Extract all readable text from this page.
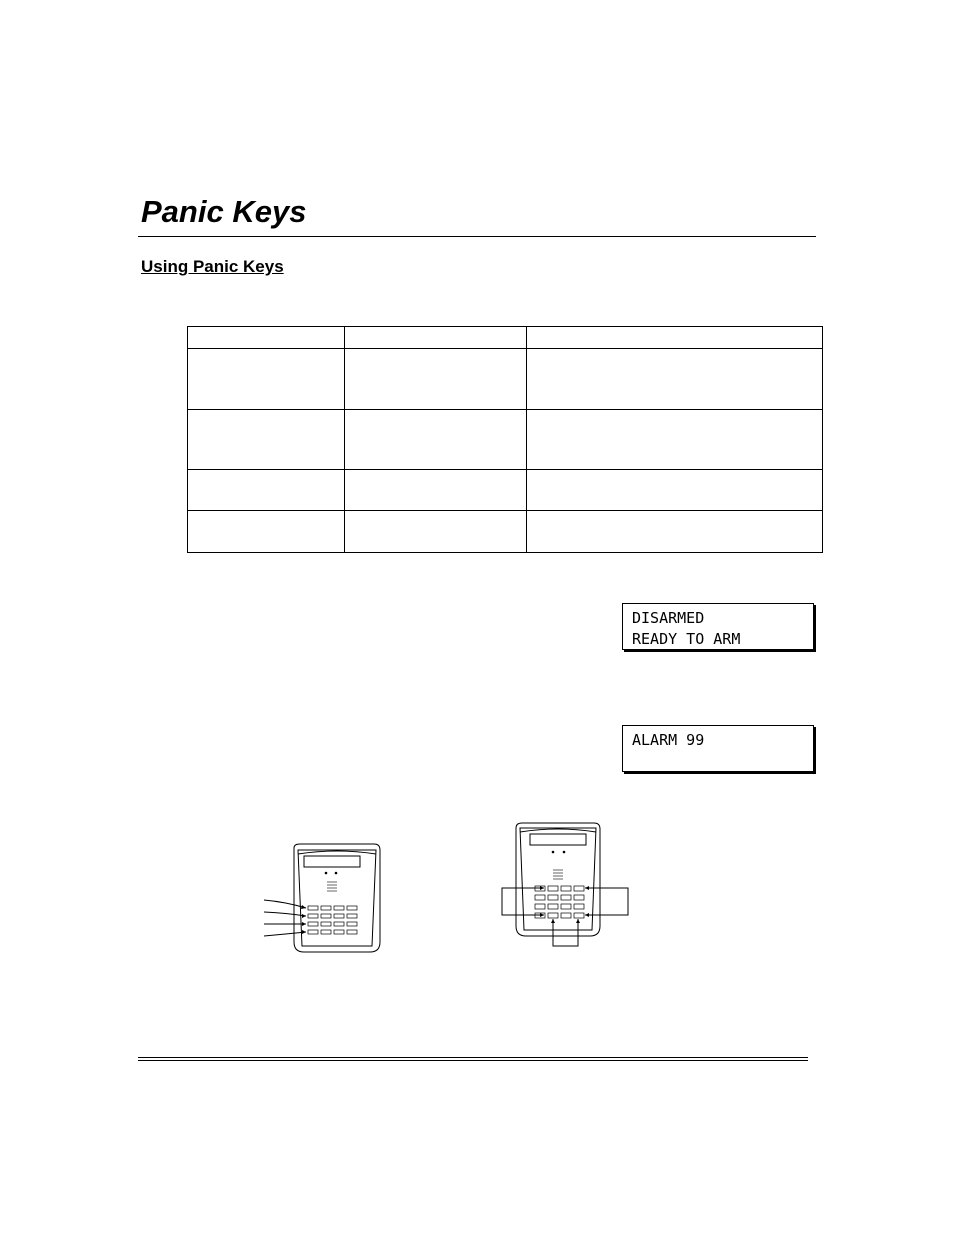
Panic Keys
Using Panic Keys

DISARMED
READY TO ARM
ALARM 99
